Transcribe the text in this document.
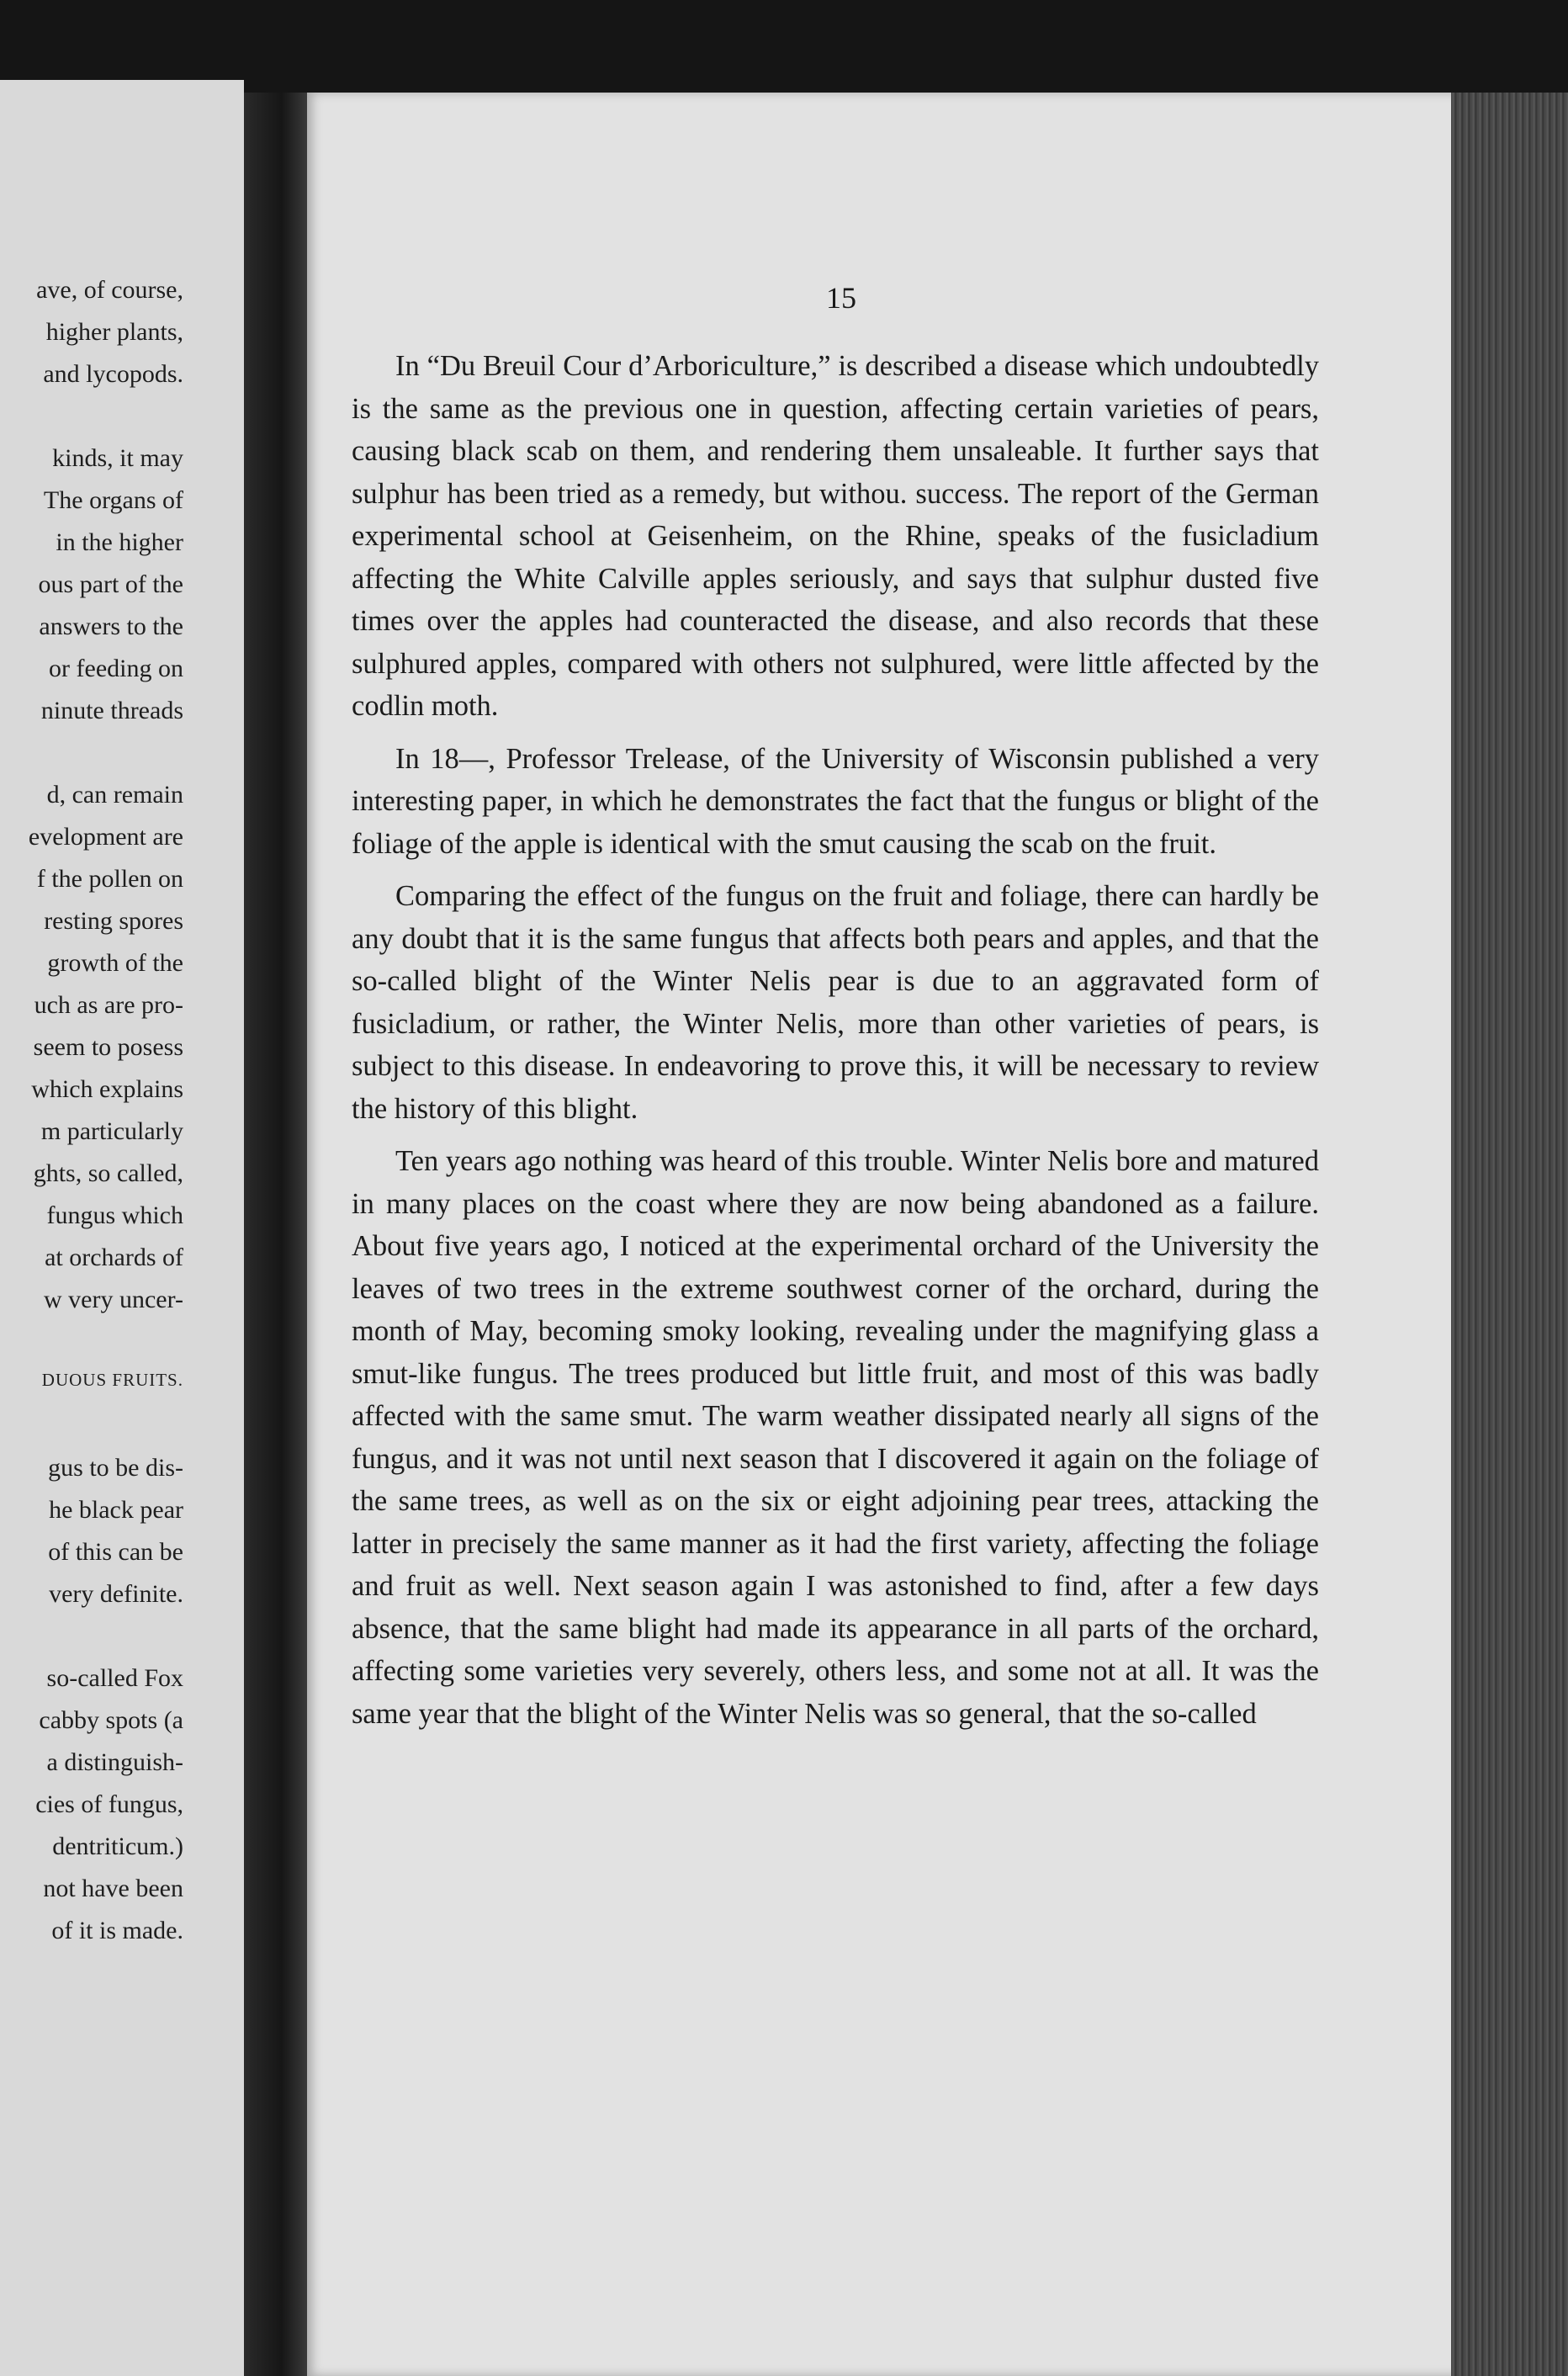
ave, of course,
higher plants,
and lycopods.
kinds, it may
The organs of
in the higher
ous part of the
answers to the
or feeding on
ninute threads
d, can remain
evelopment are
f the pollen on
resting spores
growth of the
uch as are pro-
seem to posess
which explains
m particularly
ghts, so called,
fungus which
at orchards of
w very uncer-
DUOUS FRUITS.
gus to be dis-
he black pear
of this can be
very definite.
so-called Fox
cabby spots (a
a distinguish-
cies of fungus,
dentriticum.)
not have been
of it is made.
15

In “Du Breuil Cour d’Arboriculture,” is described a disease which undoubtedly is the same as the previous one in question, affecting certain varieties of pears, causing black scab on them, and rendering them unsaleable. It further says that sulphur has been tried as a remedy, but withou. success. The report of the German experimental school at Geisenheim, on the Rhine, speaks of the fusicladium affecting the White Calville apples seriously, and says that sulphur dusted five times over the apples had counteracted the disease, and also records that these sulphured apples, compared with others not sulphured, were little affected by the codlin moth.

In 18—, Professor Trelease, of the University of Wisconsin published a very interesting paper, in which he demonstrates the fact that the fungus or blight of the foliage of the apple is identical with the smut causing the scab on the fruit.

Comparing the effect of the fungus on the fruit and foliage, there can hardly be any doubt that it is the same fungus that affects both pears and apples, and that the so-called blight of the Winter Nelis pear is due to an aggravated form of fusicladium, or rather, the Winter Nelis, more than other varieties of pears, is subject to this disease. In endeavoring to prove this, it will be necessary to review the history of this blight.

Ten years ago nothing was heard of this trouble. Winter Nelis bore and matured in many places on the coast where they are now being abandoned as a failure. About five years ago, I noticed at the experimental orchard of the University the leaves of two trees in the extreme southwest corner of the orchard, during the month of May, becoming smoky looking, revealing under the magnifying glass a smut-like fungus. The trees produced but little fruit, and most of this was badly affected with the same smut. The warm weather dissipated nearly all signs of the fungus, and it was not until next season that I discovered it again on the foliage of the same trees, as well as on the six or eight adjoining pear trees, attacking the latter in precisely the same manner as it had the first variety, affecting the foliage and fruit as well. Next season again I was astonished to find, after a few days absence, that the same blight had made its appearance in all parts of the orchard, affecting some varieties very severely, others less, and some not at all. It was the same year that the blight of the Winter Nelis was so general, that the so-called
